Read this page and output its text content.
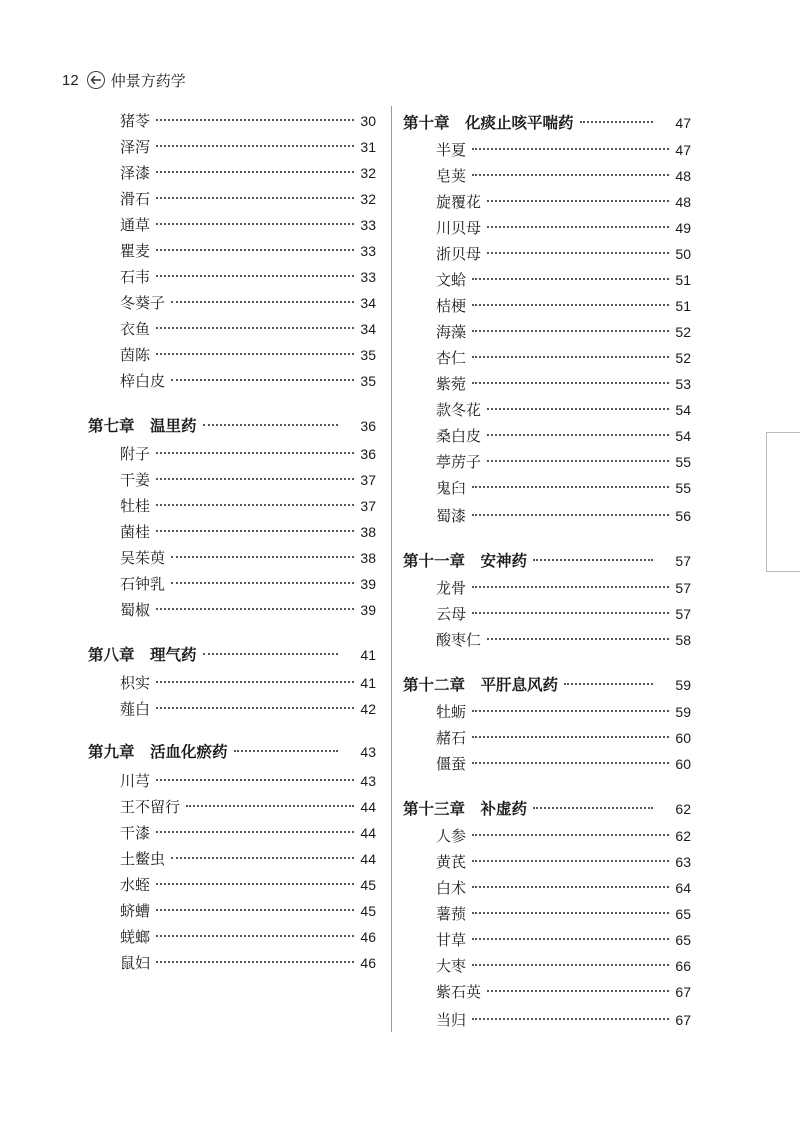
12 仲景方药学
猪苓	30
泽泻	31
泽漆	32
滑石	32
通草	33
瞿麦	33
石韦	33
冬葵子	34
衣鱼	34
茵陈	35
梓白皮	35
第七章　温里药	36
附子	36
干姜	37
牡桂	37
菌桂	38
吴茱萸	38
石钟乳	39
蜀椒	39
第八章　理气药	41
枳实	41
薤白	42
第九章　活血化瘀药	43
川芎	43
王不留行	44
干漆	44
土鳖虫	44
水蛭	45
蛴螬	45
蜣螂	46
鼠妇	46
第十章　化痰止咳平喘药	47
半夏	47
皂荚	48
旋覆花	48
川贝母	49
浙贝母	50
文蛤	51
桔梗	51
海藻	52
杏仁	52
紫菀	53
款冬花	54
桑白皮	54
葶苈子	55
鬼臼	55
蜀漆	56
第十一章　安神药	57
龙骨	57
云母	57
酸枣仁	58
第十二章　平肝息风药	59
牡蛎	59
赭石	60
僵蚕	60
第十三章　补虚药	62
人参	62
黄芪	63
白术	64
薯蓣	65
甘草	65
大枣	66
紫石英	67
当归	67
